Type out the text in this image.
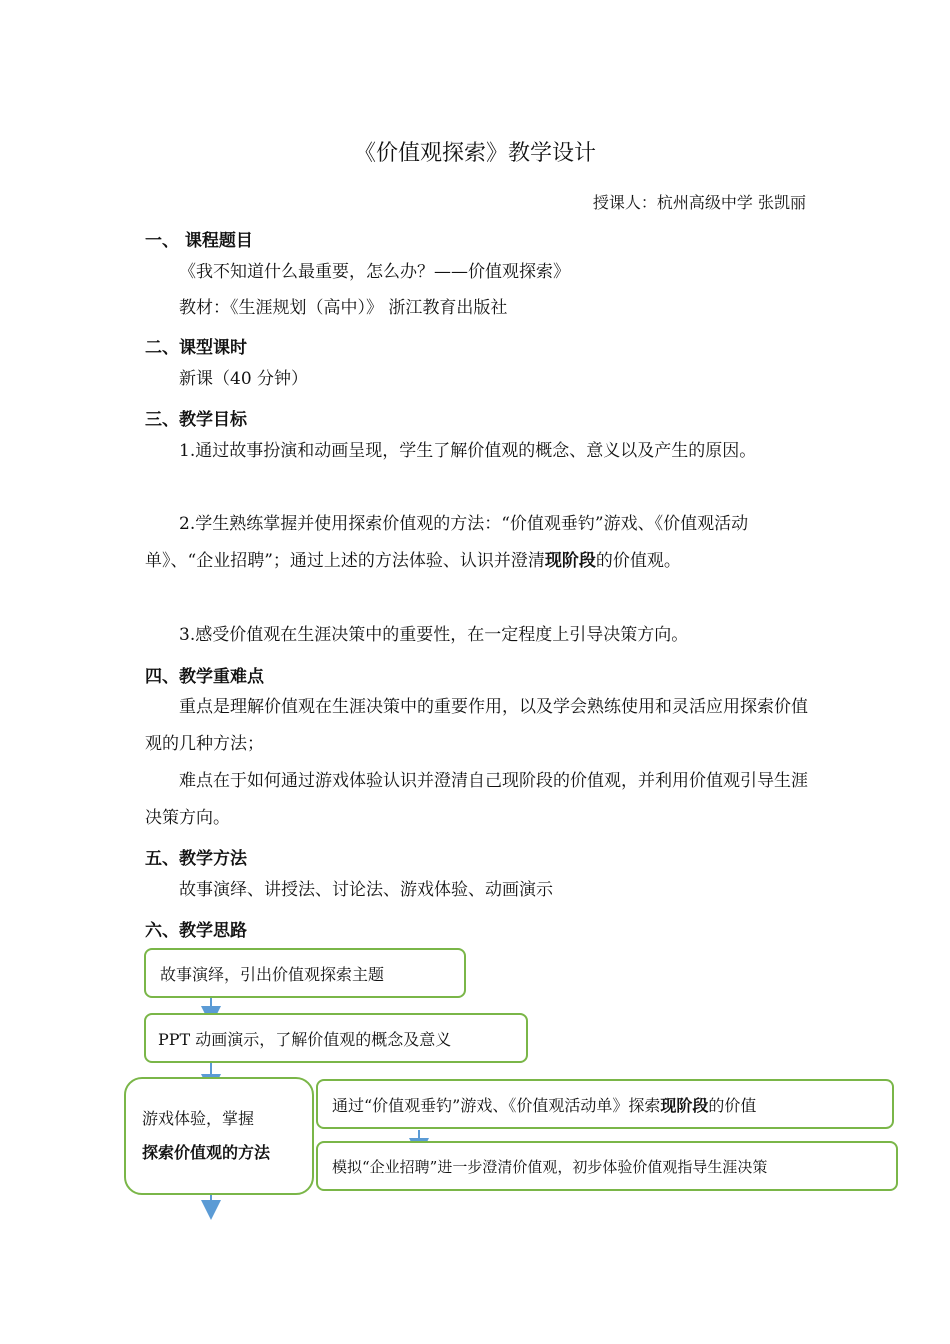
《价值观探索》教学设计
授课人：杭州高级中学 张凯丽
一、 课程题目
《我不知道什么最重要，怎么办？——价值观探索》
教材：《生涯规划（高中）》 浙江教育出版社
二、课型课时
新课（40 分钟）
三、教学目标
1.通过故事扮演和动画呈现，学生了解价值观的概念、意义以及产生的原因。
2.学生熟练掌握并使用探索价值观的方法：“价值观垂钓”游戏、《价值观活动单》、“企业招聘”；通过上述的方法体验、认识并澄清现阶段的价值观。
3.感受价值观在生涯决策中的重要性，在一定程度上引导决策方向。
四、教学重难点
重点是理解价值观在生涯决策中的重要作用，以及学会熟练使用和灵活应用探索价值观的几种方法；
难点在于如何通过游戏体验认识并澄清自己现阶段的价值观，并利用价值观引导生涯决策方向。
五、教学方法
故事演绎、讲授法、讨论法、游戏体验、动画演示
六、教学思路
故事演绎，引出价值观探索主题
PPT 动画演示，了解价值观的概念及意义
游戏体验，掌握
探索价值观的方法
通过“价值观垂钓”游戏、《价值观活动单》探索现阶段的价值
模拟“企业招聘”进一步澄清价值观，初步体验价值观指导生涯决策
